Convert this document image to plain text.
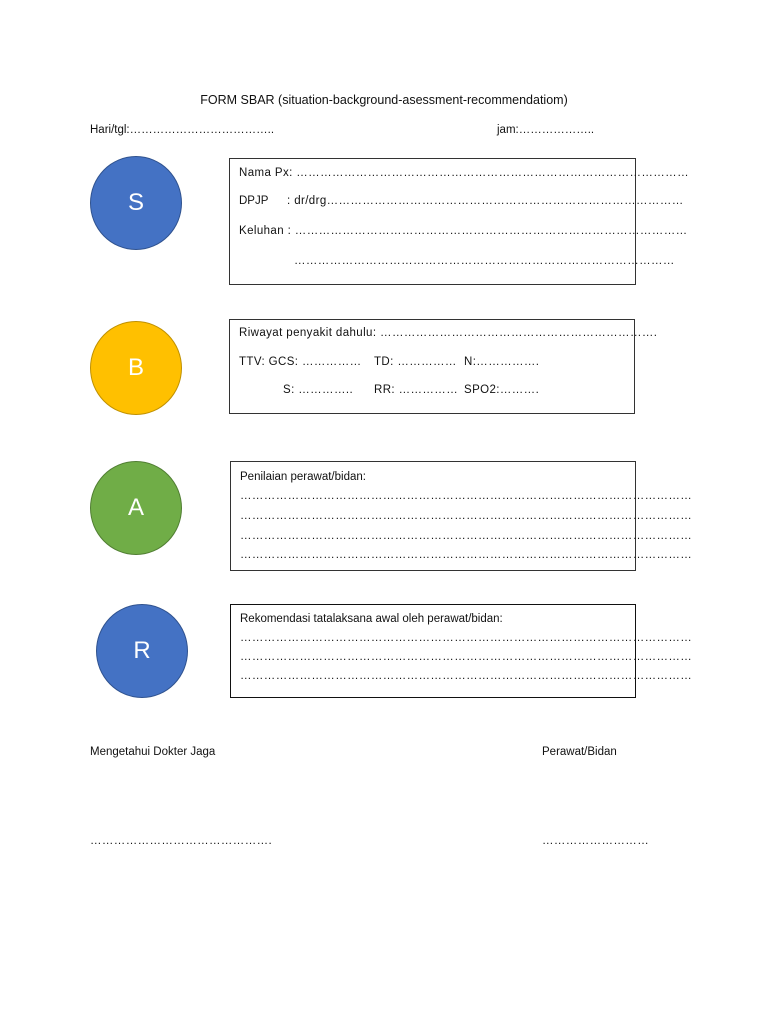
FORM SBAR (situation-background-asessment-recommendatiom)
Hari/tgl:………………………………..	jam:………………..
S
Nama Px: ………………………………………………………………………………………
DPJP : dr/drg………………………………………………………………………………
Keluhan : ………………………………………………………………………………………
……………………………………………………………………………………
B
Riwayat penyakit dahulu: …………………………………………………………….
TTV: GCS: …………… TD: …………… N:…………….
S: ………….. RR: …………… SPO2:……….
A
Penilaian perawat/bidan:
……………………………………………………………………………………………………
……………………………………………………………………………………………………
……………………………………………………………………………………………………
……………………………………………………………………………………………………
R
Rekomendasi tatalaksana awal oleh perawat/bidan:
……………………………………………………………………………………………………
……………………………………………………………………………………………………
……………………………………………………………………………………………………
Mengetahui Dokter Jaga	Perawat/Bidan
……………………………………….	………………………
